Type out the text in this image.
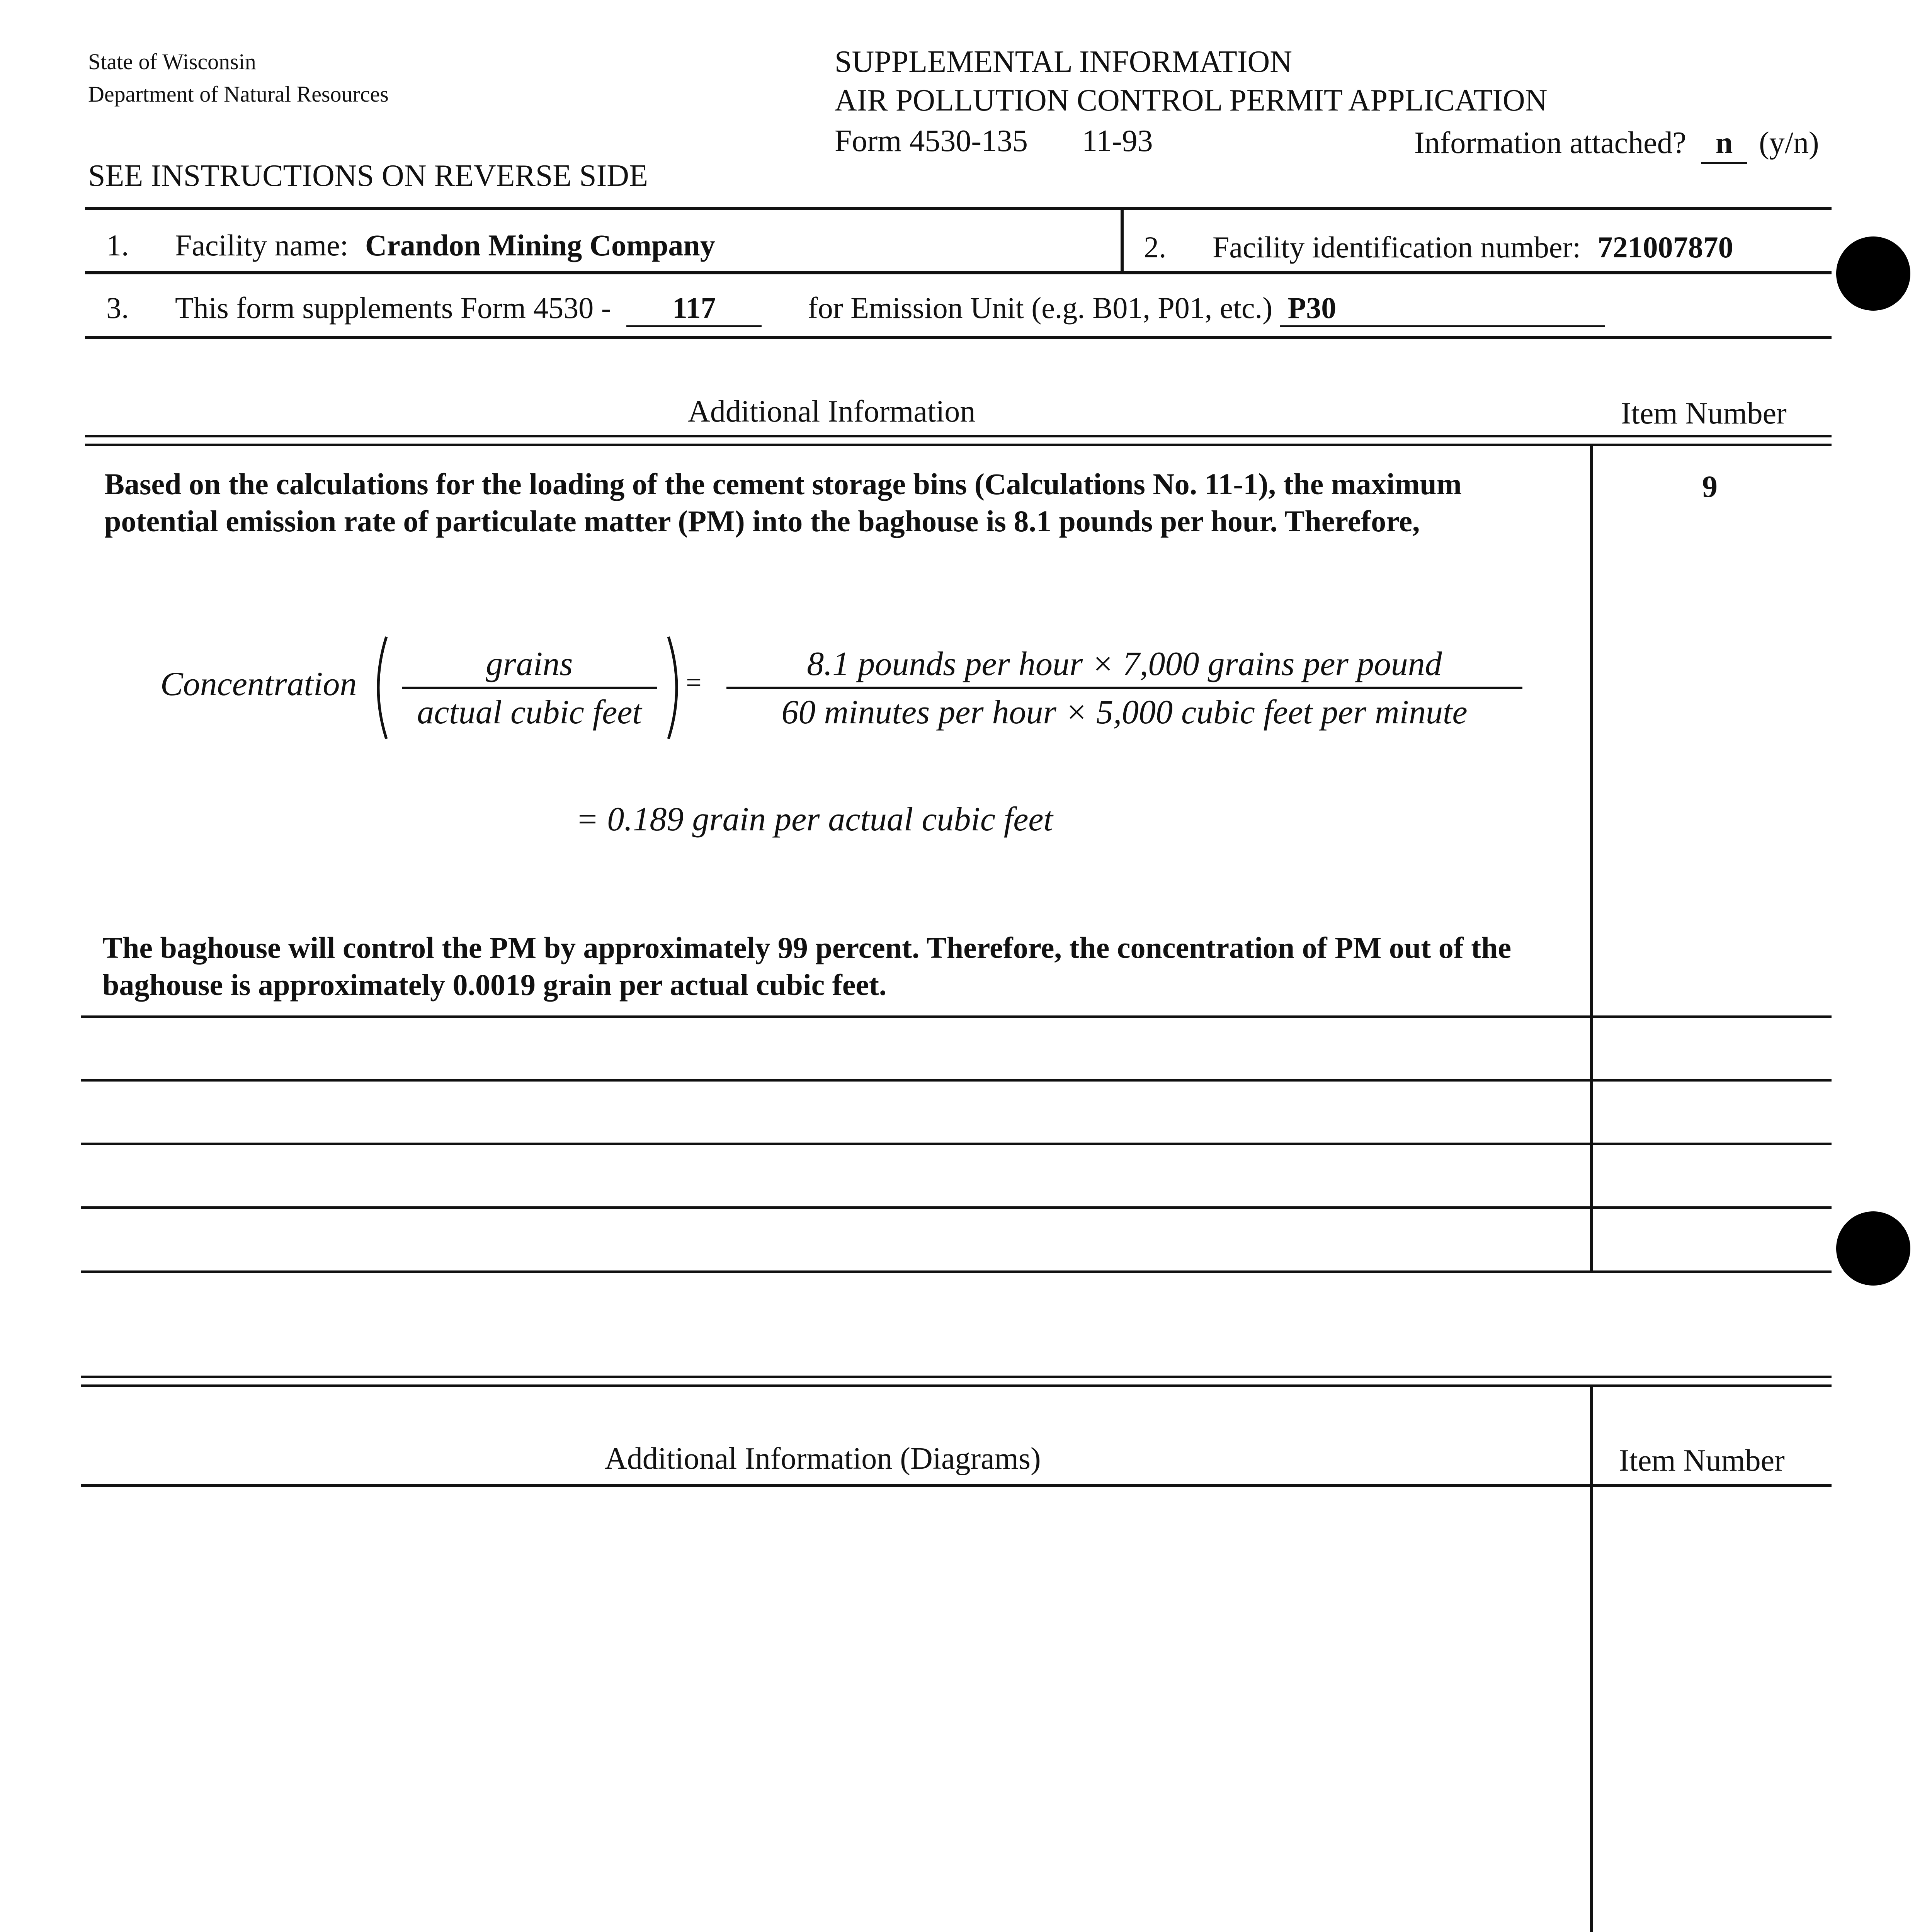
State of Wisconsin
Department of Natural Resources
SUPPLEMENTAL INFORMATION
AIR POLLUTION CONTROL PERMIT APPLICATION
Form 4530-135 11-93	Information attached? n (y/n)
SEE INSTRUCTIONS ON REVERSE SIDE
1. Facility name: Crandon Mining Company	2. Facility identification number: 721007870
3. This form supplements Form 4530 - 117	for Emission Unit (e.g. B01, P01, etc.) P30
Additional Information	Item Number
9
Based on the calculations for the loading of the cement storage bins (Calculations No. 11-1), the maximum potential emission rate of particulate matter (PM) into the baghouse is 8.1 pounds per hour. Therefore,
Concentration
grains
actual cubic feet
=	8.1 pounds per hour × 7,000 grains per pound
60 minutes per hour × 5,000 cubic feet per minute
= 0.189 grain per actual cubic feet
The baghouse will control the PM by approximately 99 percent. Therefore, the concentration of PM out of the baghouse is approximately 0.0019 grain per actual cubic feet.
Additional Information (Diagrams)	Item Number
